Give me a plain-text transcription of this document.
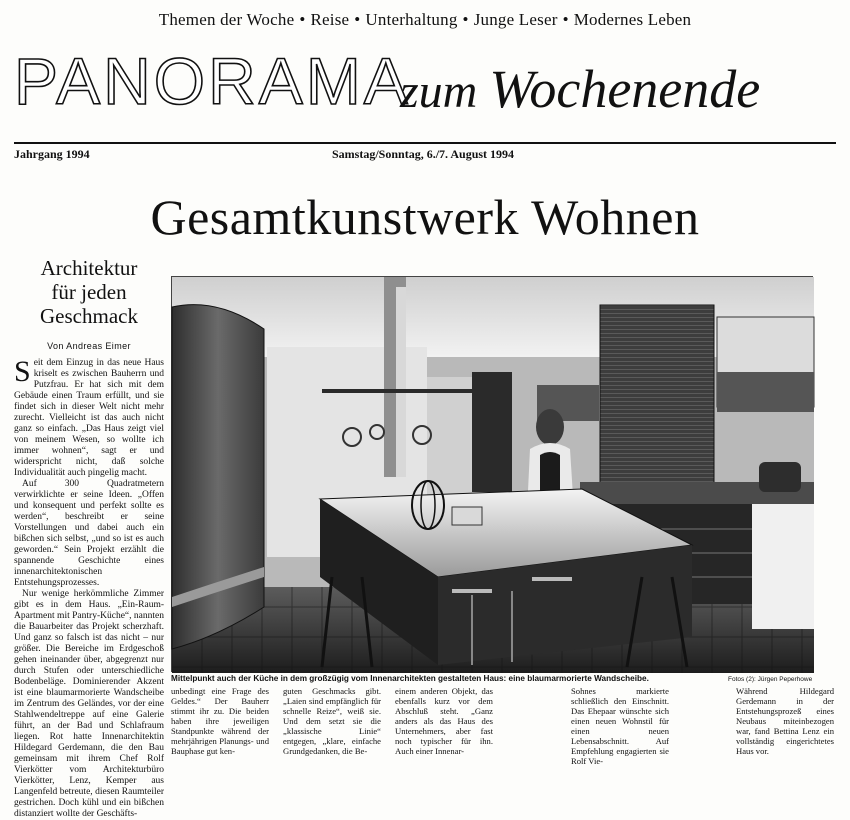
Themen der Woche • Reise • Unterhaltung • Junge Leser • Modernes Leben
PANORAMA
zum Wochenende
Jahrgang 1994	Samstag/Sonntag, 6./7. August 1994
Gesamtkunstwerk Wohnen
Architektur
für jeden
Geschmack
Von Andreas Eimer

Seit dem Einzug in das neue Haus kriselt es zwischen Bauherrn und Putzfrau. Er hat sich mit dem Gebäude einen Traum erfüllt, und sie findet sich in dieser Welt nicht mehr zurecht. Vielleicht ist das auch nicht ganz so einfach. „Das Haus zeigt viel von meinem Wesen, so wollte ich immer wohnen“, sagt er und widerspricht nicht, daß solche Individualität auch pingelig macht.

Auf 300 Quadratmetern verwirklichte er seine Ideen. „Offen und konsequent und perfekt sollte es werden“, beschreibt er seine Vorstellungen und dabei auch ein bißchen sich selbst, „und so ist es auch geworden.“ Sein Projekt erzählt die spannende Geschichte eines innenarchitektonischen Entstehungsprozesses.

Nur wenige herkömmliche Zimmer gibt es in dem Haus. „Ein-Raum-Apartment mit Pantry-Küche“, nannten die Bauarbeiter das Projekt scherzhaft. Und ganz so falsch ist das nicht – nur größer. Die Bereiche im Erdgeschoß gehen ineinander über, abgegrenzt nur durch Stufen oder unterschiedliche Bodenbeläge. Dominierender Akzent ist eine blaumarmorierte Wandscheibe im Zentrum des Geländes, vor der eine Stahlwendeltreppe auf eine Galerie führt, an der Bad und Schlafraum liegen. Rot hatte Innenarchitektin Hildegard Gerdemann, die den Bau gemeinsam mit ihrem Chef Rolf Vierkötter vom Architekturbüro Vierkötter, Lenz, Kemper aus Langenfeld betreute, diesen Raumteiler gestrichen. Doch kühl und ein bißchen distanziert wollte der Geschäfts-

Mittelpunkt auch der Küche in dem großzügig vom Innenarchitekten gestalteten Haus: eine blaumarmorierte Wandscheibe.	Fotos (2): Jürgen Peperhowe
unbedingt eine Frage des Geldes.“ Der Bauherr stimmt ihr zu. Die beiden haben ihre jeweiligen Standpunkte während der mehrjährigen Planungs- und Bauphase gut ken-
guten Geschmacks gibt. „Laien sind empfänglich für schnelle Reize“, weiß sie. Und dem setzt sie die „klassische Linie“ entgegen, „klare, einfache Grundgedanken, die Be-
einem anderen Objekt, das ebenfalls kurz vor dem Abschluß steht. „Ganz anders als das Haus des Unternehmers, aber fast noch typischer für ihn. Auch einer Innenar-
Sohnes markierte schließlich den Einschnitt. Das Ehepaar wünschte sich einen neuen Wohnstil für einen neuen Lebensabschnitt. Auf Empfehlung engagierten sie Rolf Vie-
Während Hildegard Gerdemann in der Entstehungsprozeß eines Neubaus miteinbezogen war, fand Bettina Lenz ein vollständig eingerichtetes Haus vor.
